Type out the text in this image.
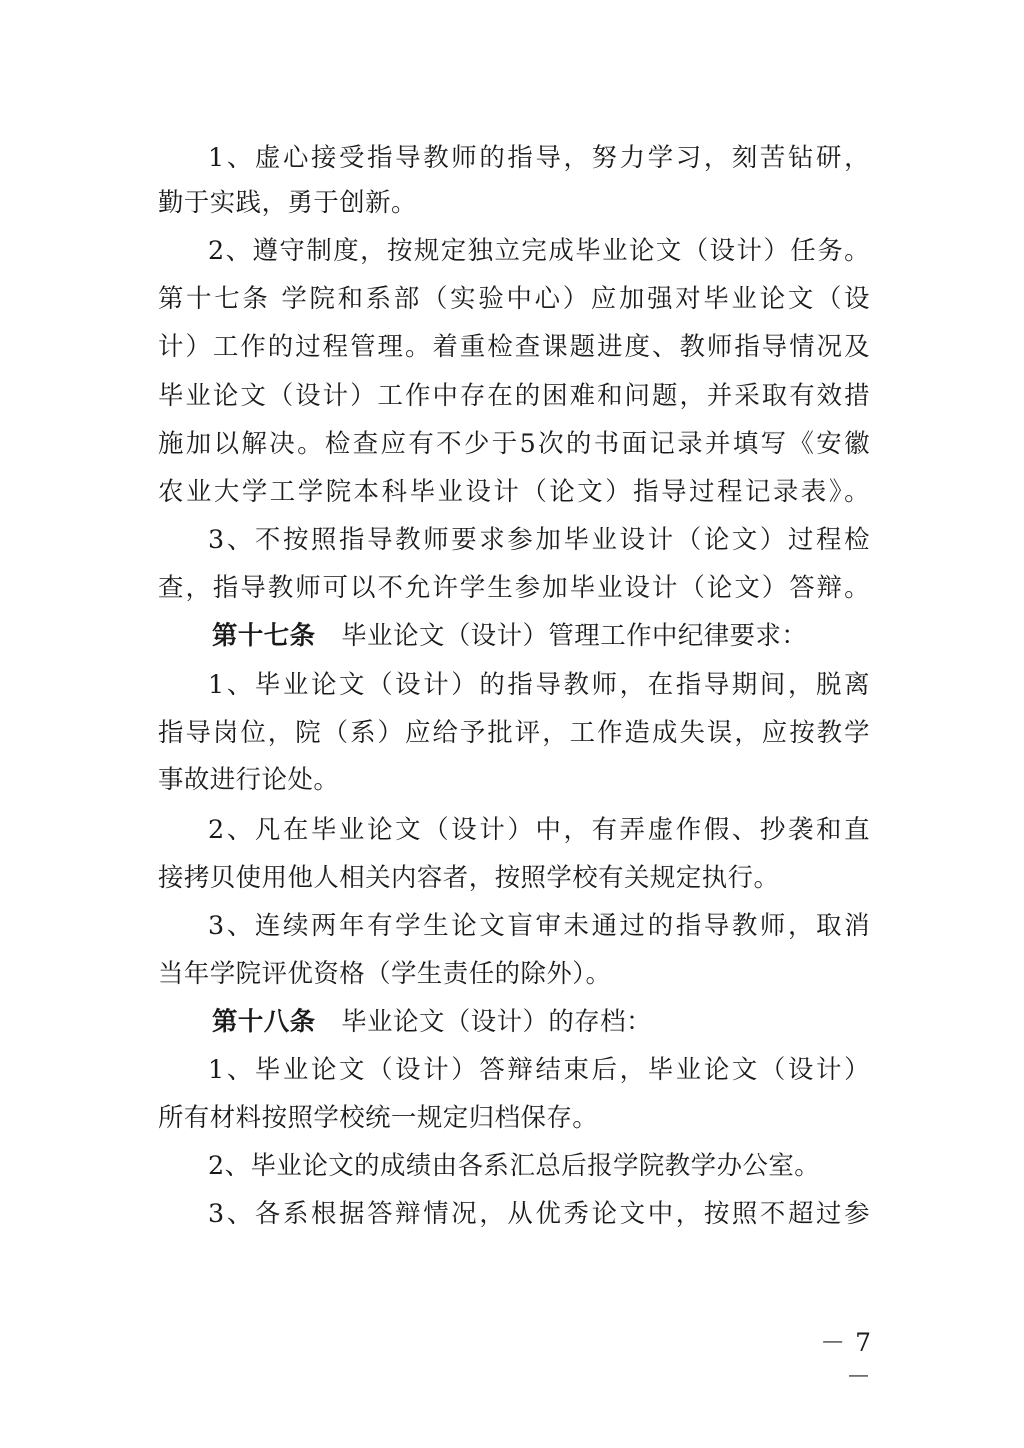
1、虚心接受指导教师的指导，努力学习，刻苦钻研，
勤于实践，勇于创新。
2、遵守制度，按规定独立完成毕业论文（设计）任务。
第十七条 学院和系部（实验中心）应加强对毕业论文（设
计）工作的过程管理。着重检查课题进度、教师指导情况及
毕业论文（设计）工作中存在的困难和问题，并采取有效措
施加以解决。检查应有不少于5次的书面记录并填写《安徽
农业大学工学院本科毕业设计（论文）指导过程记录表》。
3、不按照指导教师要求参加毕业设计（论文）过程检
查，指导教师可以不允许学生参加毕业设计（论文）答辩。
第十七条 毕业论文（设计）管理工作中纪律要求：
1、毕业论文（设计）的指导教师，在指导期间，脱离
指导岗位，院（系）应给予批评，工作造成失误，应按教学
事故进行论处。
2、凡在毕业论文（设计）中，有弄虚作假、抄袭和直
接拷贝使用他人相关内容者，按照学校有关规定执行。
3、连续两年有学生论文盲审未通过的指导教师，取消
当年学院评优资格（学生责任的除外）。
第十八条 毕业论文（设计）的存档：
1、毕业论文（设计）答辩结束后，毕业论文（设计）
所有材料按照学校统一规定归档保存。
2、毕业论文的成绩由各系汇总后报学院教学办公室。
3、各系根据答辩情况，从优秀论文中，按照不超过参
－ 7 －
